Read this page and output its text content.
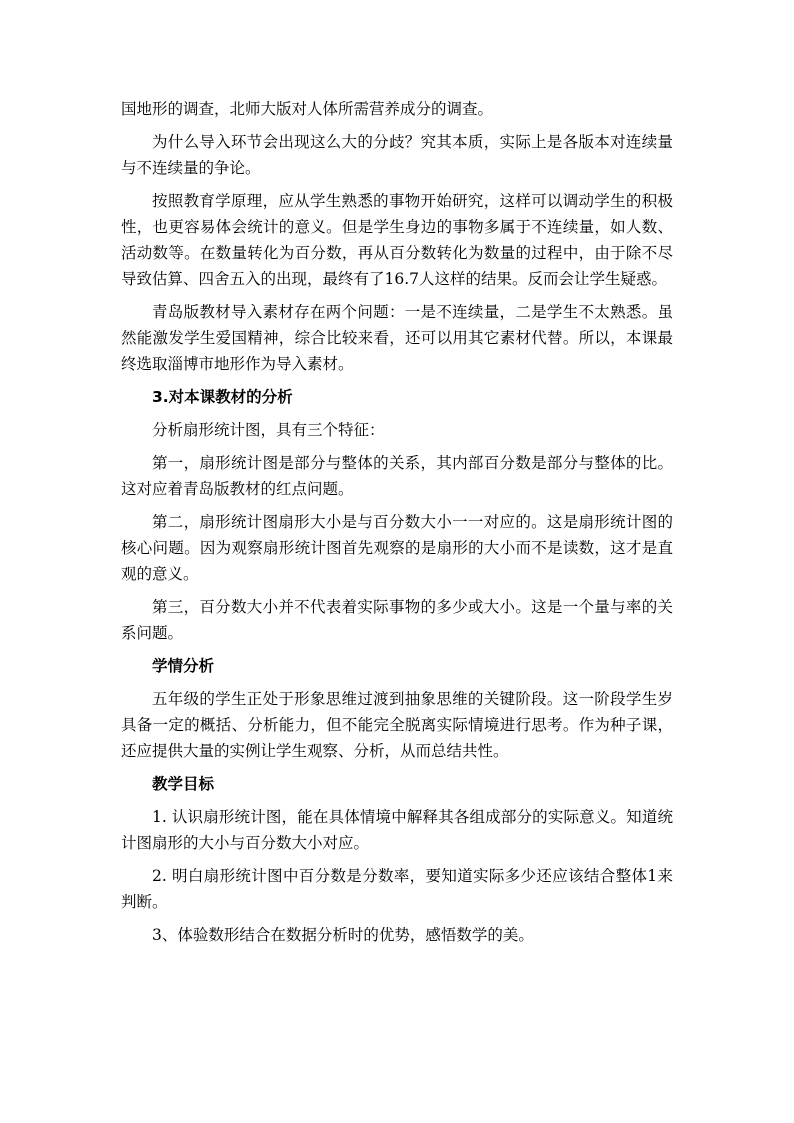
国地形的调查，北师大版对人体所需营养成分的调查。

为什么导入环节会出现这么大的分歧？究其本质，实际上是各版本对连续量与不连续量的争论。

按照教育学原理，应从学生熟悉的事物开始研究，这样可以调动学生的积极性，也更容易体会统计的意义。但是学生身边的事物多属于不连续量，如人数、活动数等。在数量转化为百分数，再从百分数转化为数量的过程中，由于除不尽导致估算、四舍五入的出现，最终有了16.7人这样的结果。反而会让学生疑惑。

青岛版教材导入素材存在两个问题：一是不连续量，二是学生不太熟悉。虽然能激发学生爱国精神，综合比较来看，还可以用其它素材代替。所以，本课最终选取淄博市地形作为导入素材。

3.对本课教材的分析

分析扇形统计图，具有三个特征：

第一，扇形统计图是部分与整体的关系，其内部百分数是部分与整体的比。这对应着青岛版教材的红点问题。

第二，扇形统计图扇形大小是与百分数大小一一对应的。这是扇形统计图的核心问题。因为观察扇形统计图首先观察的是扇形的大小而不是读数，这才是直观的意义。

第三，百分数大小并不代表着实际事物的多少或大小。这是一个量与率的关系问题。

学情分析

五年级的学生正处于形象思维过渡到抽象思维的关键阶段。这一阶段学生岁具备一定的概括、分析能力，但不能完全脱离实际情境进行思考。作为种子课，还应提供大量的实例让学生观察、分析，从而总结共性。

教学目标

1. 认识扇形统计图，能在具体情境中解释其各组成部分的实际意义。知道统计图扇形的大小与百分数大小对应。

2. 明白扇形统计图中百分数是分数率，要知道实际多少还应该结合整体1来判断。

3、体验数形结合在数据分析时的优势，感悟数学的美。
